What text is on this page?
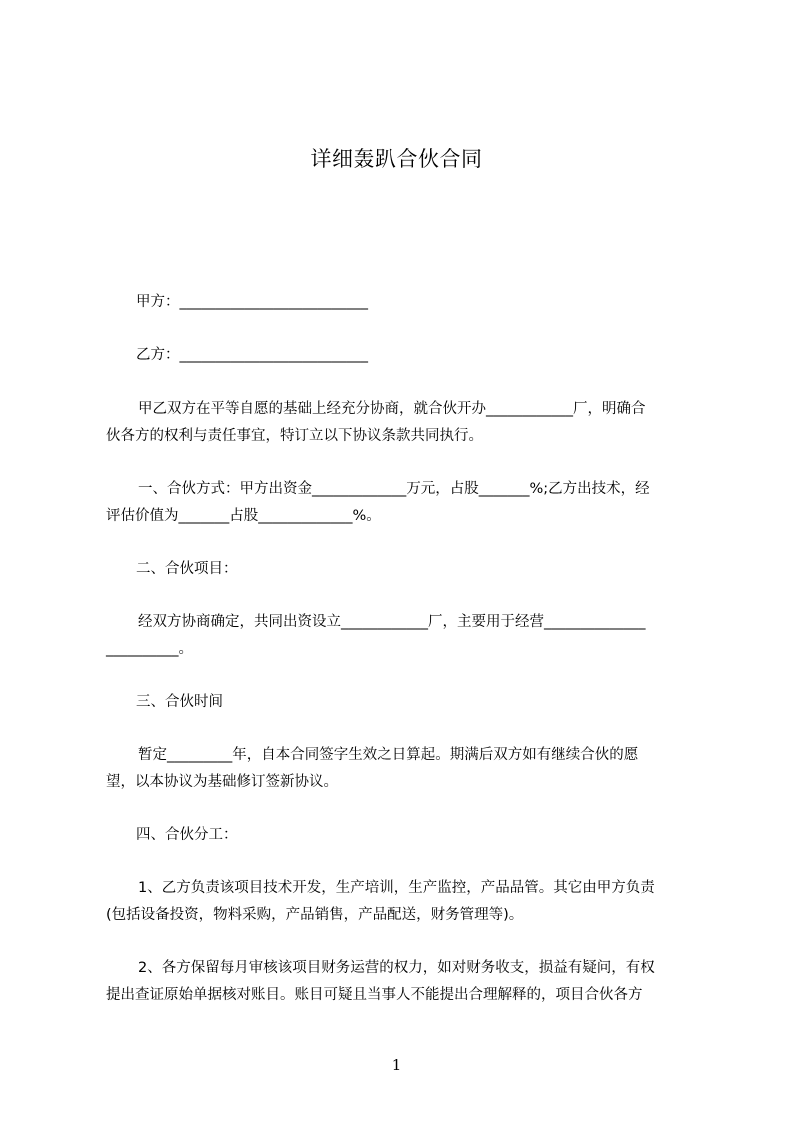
详细轰趴合伙合同
甲方：__________________________
乙方：__________________________
甲乙双方在平等自愿的基础上经充分协商，就合伙开办____________厂，明确合
伙各方的权利与责任事宜，特订立以下协议条款共同执行。
一、合伙方式：甲方出资金_____________万元，占股_______%;乙方出技术，经
评估价值为_______占股_____________%。
二、合伙项目：
经双方协商确定，共同出资设立____________厂，主要用于经营______________
__________。
三、合伙时间
暂定_________年，自本合同签字生效之日算起。期满后双方如有继续合伙的愿
望，以本协议为基础修订签新协议。
四、合伙分工：
1、乙方负责该项目技术开发，生产培训，生产监控，产品品管。其它由甲方负责
(包括设备投资，物料采购，产品销售，产品配送，财务管理等)。
2、各方保留每月审核该项目财务运营的权力，如对财务收支，损益有疑问，有权
提出查证原始单据核对账目。账目可疑且当事人不能提出合理解释的，项目合伙各方
1
